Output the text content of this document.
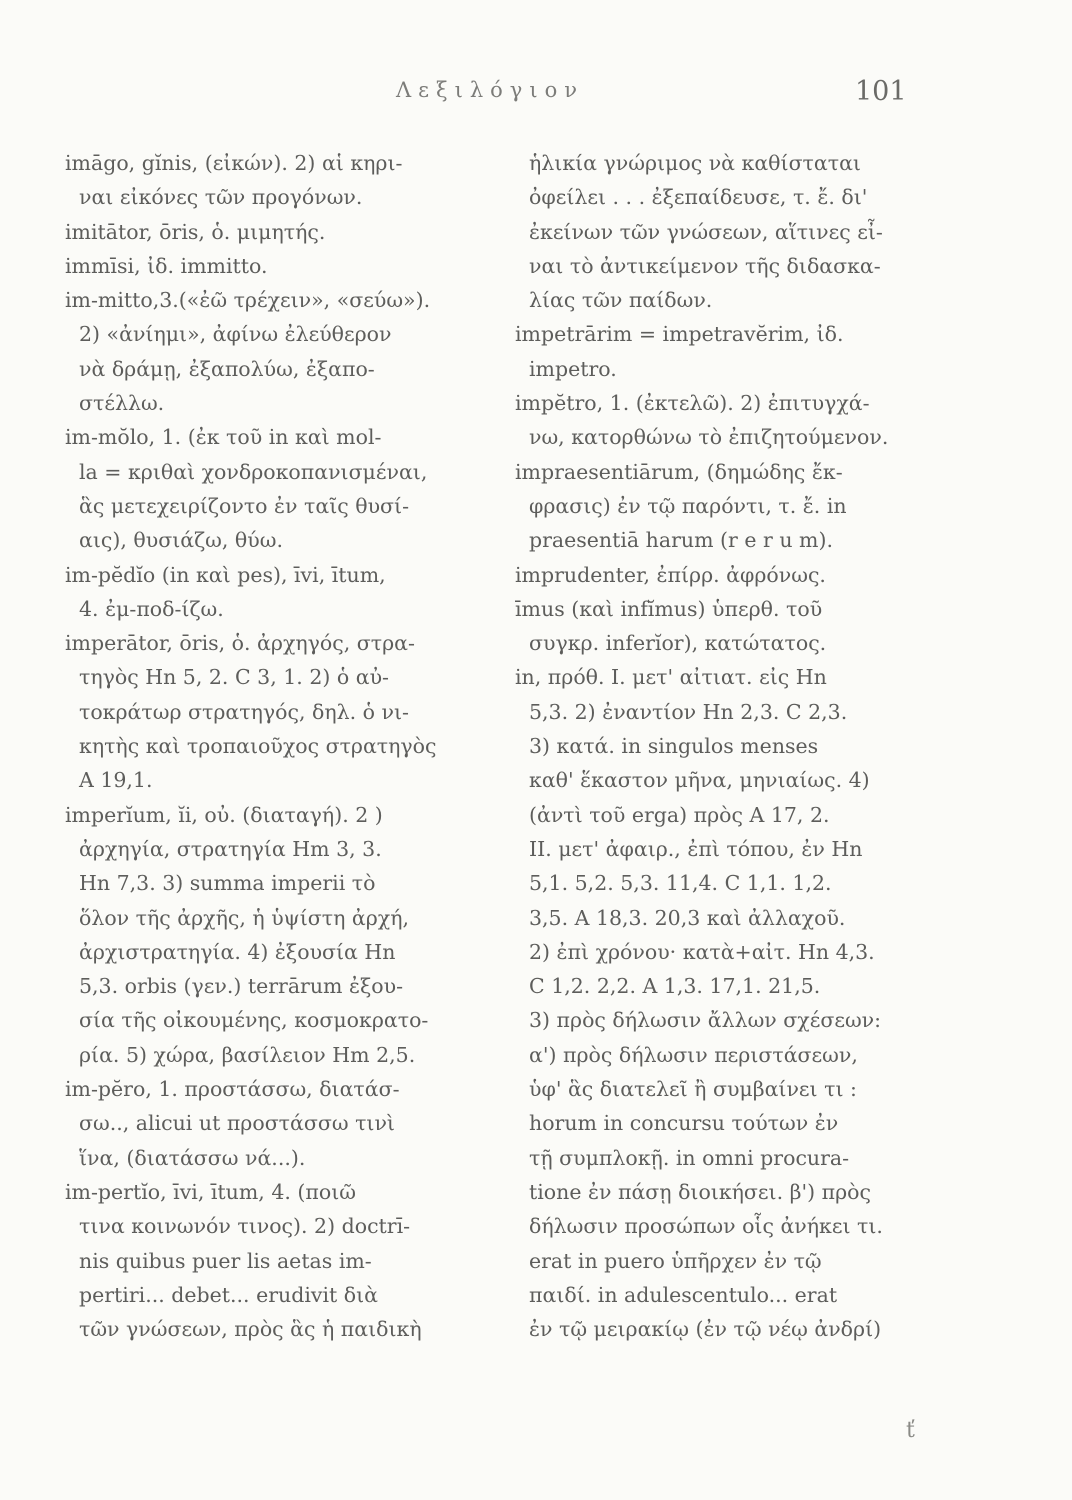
Λεξιλόγιον	101
imāgo, gĭnis, (εἰκών). 2) αἱ κηρι-
ναι εἰκόνες τῶν προγόνων.
imitātor, ōris, ὁ. μιμητής.
immīsi, ἰδ. immitto.
im-mitto,3.(«ἐῶ τρέχειν», «σεύω»).
2) «ἀνίημι», ἀφίνω ἐλεύθερον
νὰ δράμῃ, ἐξαπολύω, ἐξαπο-
στέλλω.
im-mŏlo, 1. (ἐκ τοῦ in καὶ mol-
la = κριθαὶ χονδροκοπανισμέναι,
ἃς μετεχειρίζοντο ἐν ταῖς θυσί-
αις), θυσιάζω, θύω.
im-pĕdĭo (in καὶ pes), īvi, ītum,
4. ἐμ-ποδ-ίζω.
imperātor, ōris, ὁ. ἀρχηγός, στρα-
τηγὸς Hn 5, 2. C 3, 1. 2) ὁ αὐ-
τοκράτωρ στρατηγός, δηλ. ὁ νι-
κητὴς καὶ τροπαιοῦχος στρατηγὸς
A 19,1.
imperĭum, ĭi, οὐ. (διαταγή). 2 )
ἀρχηγία, στρατηγία Hm 3, 3.
Hn 7,3. 3) summa imperii τὸ
ὅλον τῆς ἀρχῆς, ἡ ὑψίστη ἀρχή,
ἀρχιστρατηγία. 4) ἐξουσία Hn
5,3. orbis (γεν.) terrārum ἐξου-
σία τῆς οἰκουμένης, κοσμοκρατο-
ρία. 5) χώρα, βασίλειον Hm 2,5.
im-pĕro, 1. προστάσσω, διατάσ-
σω.., alicui ut προστάσσω τινὶ
ἵνα, (διατάσσω νά...).
im-pertĭo, īvi, ītum, 4. (ποιῶ
τινα κοινωνόν τινος). 2) doctrī-
nis quibus puer lis aetas im-
pertiri... debet... erudivit διὰ
τῶν γνώσεων, πρὸς ἃς ἡ παιδικὴ
ἡλικία γνώριμος νὰ καθίσταται
ὀφείλει . . . ἐξεπαίδευσε, τ. ἔ. δι'
ἐκείνων τῶν γνώσεων, αἵτινες εἶ-
ναι τὸ ἀντικείμενον τῆς διδασκα-
λίας τῶν παίδων.
impetrārim = impetravĕrim, ἰδ.
impetro.
impĕtro, 1. (ἐκτελῶ). 2) ἐπιτυγχά-
νω, κατορθώνω τὸ ἐπιζητούμενον.
impraesentiārum, (δημώδης ἔκ-
φρασις) ἐν τῷ παρόντι, τ. ἔ. in
praesentiā harum (r e r u m).
imprudenter, ἐπίρρ. ἀφρόνως.
īmus (καὶ infĭmus) ὑπερθ. τοῦ
συγκρ. inferĭor), κατώτατος.
in, πρόθ. I. μετ' αἰτιατ. εἰς Hn
5,3. 2) ἐναντίον Hn 2,3. C 2,3.
3) κατά. in singulos menses
καθ' ἕκαστον μῆνα, μηνιαίως. 4)
(ἀντὶ τοῦ erga) πρὸς A 17, 2.
II. μετ' ἀφαιρ., ἐπὶ τόπου, ἐν Hn
5,1. 5,2. 5,3. 11,4. C 1,1. 1,2.
3,5. A 18,3. 20,3 καὶ ἀλλαχοῦ.
2) ἐπὶ χρόνου· κατὰ+αἰτ. Hn 4,3.
C 1,2. 2,2. A 1,3. 17,1. 21,5.
3) πρὸς δήλωσιν ἄλλων σχέσεων:
α') πρὸς δήλωσιν περιστάσεων,
ὑφ' ἃς διατελεῖ ἢ συμβαίνει τι :
horum in concursu τούτων ἐν
τῇ συμπλοκῇ. in omni procura-
tione ἐν πάσῃ διοικήσει. β') πρὸς
δήλωσιν προσώπων οἷς ἀνήκει τι.
erat in puero ὑπῆρχεν ἐν τῷ
παιδί. in adulescentulo... erat
ἐν τῷ μειρακίῳ (ἐν τῷ νέῳ ἀνδρί)
ť
